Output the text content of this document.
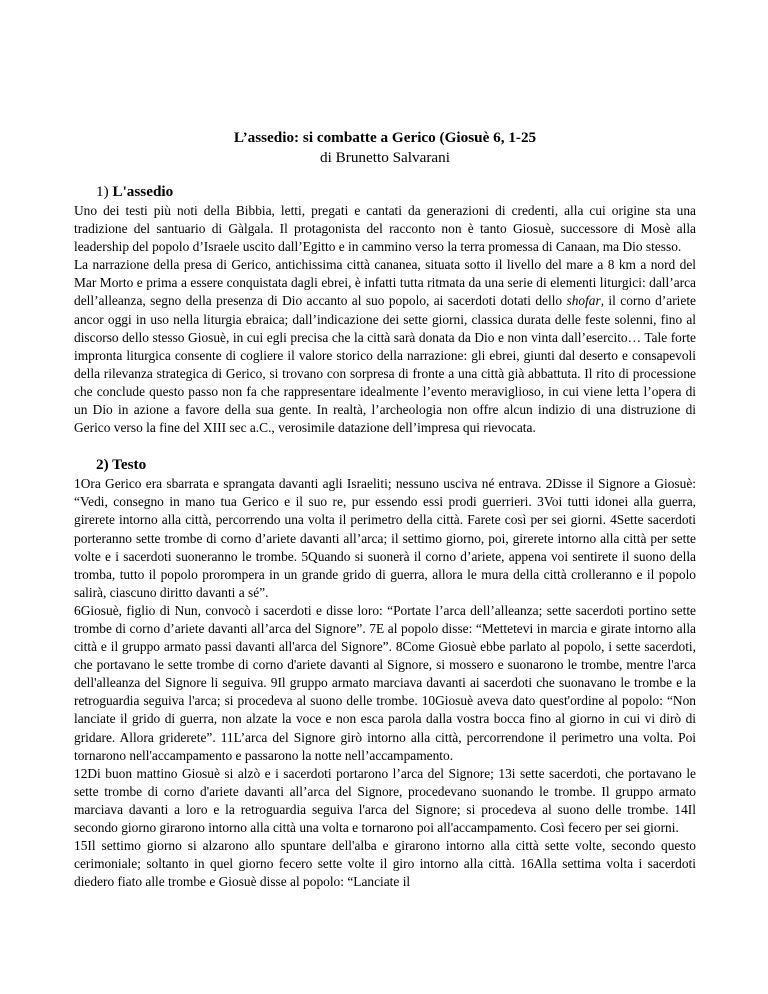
L’assedio: si combatte a Gerico (Giosuè 6, 1-25
di Brunetto Salvarani
1) L'assedio

Uno dei testi più noti della Bibbia, letti, pregati e cantati da generazioni di credenti, alla cui origine sta una tradizione del santuario di Gàlgala. Il protagonista del racconto non è tanto Giosuè, successore di Mosè alla leadership del popolo d’Israele uscito dall’Egitto e in cammino verso la terra promessa di Canaan, ma Dio stesso.

La narrazione della presa di Gerico, antichissima città cananea, situata sotto il livello del mare a 8 km a nord del Mar Morto e prima a essere conquistata dagli ebrei, è infatti tutta ritmata da una serie di elementi liturgici: dall’arca dell’alleanza, segno della presenza di Dio accanto al suo popolo, ai sacerdoti dotati dello shofar, il corno d’ariete ancor oggi in uso nella liturgia ebraica; dall’indicazione dei sette giorni, classica durata delle feste solenni, fino al discorso dello stesso Giosuè, in cui egli precisa che la città sarà donata da Dio e non vinta dall’esercito… Tale forte impronta liturgica consente di cogliere il valore storico della narrazione: gli ebrei, giunti dal deserto e consapevoli della rilevanza strategica di Gerico, si trovano con sorpresa di fronte a una città già abbattuta. Il rito di processione che conclude questo passo non fa che rappresentare idealmente l’evento meraviglioso, in cui viene letta l’opera di un Dio in azione a favore della sua gente. In realtà, l’archeologia non offre alcun indizio di una distruzione di Gerico verso la fine del XIII sec a.C., verosimile datazione dell’impresa qui rievocata.

2) Testo

1Ora Gerico era sbarrata e sprangata davanti agli Israeliti; nessuno usciva né entrava. 2Disse il Signore a Giosuè: “Vedi, consegno in mano tua Gerico e il suo re, pur essendo essi prodi guerrieri. 3Voi tutti idonei alla guerra, girerete intorno alla città, percorrendo una volta il perimetro della città. Farete così per sei giorni. 4Sette sacerdoti porteranno sette trombe di corno d’ariete davanti all’arca; il settimo giorno, poi, girerete intorno alla città per sette volte e i sacerdoti suoneranno le trombe. 5Quando si suonerà il corno d’ariete, appena voi sentirete il suono della tromba, tutto il popolo prorompera in un grande grido di guerra, allora le mura della città crolleranno e il popolo salirà, ciascuno diritto davanti a sé”.

6Giosuè, figlio di Nun, convocò i sacerdoti e disse loro: “Portate l’arca dell’alleanza; sette sacerdoti portino sette trombe di corno d’ariete davanti all’arca del Signore”. 7E al popolo disse: “Mettetevi in marcia e girate intorno alla città e il gruppo armato passi davanti all'arca del Signore”. 8Come Giosuè ebbe parlato al popolo, i sette sacerdoti, che portavano le sette trombe di corno d'ariete davanti al Signore, si mossero e suonarono le trombe, mentre l'arca dell'alleanza del Signore li seguiva. 9Il gruppo armato marciava davanti ai sacerdoti che suonavano le trombe e la retroguardia seguiva l'arca; si procedeva al suono delle trombe. 10Giosuè aveva dato quest'ordine al popolo: “Non lanciate il grido di guerra, non alzate la voce e non esca parola dalla vostra bocca fino al giorno in cui vi dirò di gridare. Allora griderete”. 11L’arca del Signore girò intorno alla città, percorrendone il perimetro una volta. Poi tornarono nell'accampamento e passarono la notte nell’accampamento.

12Di buon mattino Giosuè si alzò e i sacerdoti portarono l’arca del Signore; 13i sette sacerdoti, che portavano le sette trombe di corno d'ariete davanti all’arca del Signore, procedevano suonando le trombe. Il gruppo armato marciava davanti a loro e la retroguardia seguiva l'arca del Signore; si procedeva al suono delle trombe. 14Il secondo giorno girarono intorno alla città una volta e tornarono poi all'accampamento. Così fecero per sei giorni.

15Il settimo giorno si alzarono allo spuntare dell'alba e girarono intorno alla città sette volte, secondo questo cerimoniale; soltanto in quel giorno fecero sette volte il giro intorno alla città. 16Alla settima volta i sacerdoti diedero fiato alle trombe e Giosuè disse al popolo: “Lanciate il
